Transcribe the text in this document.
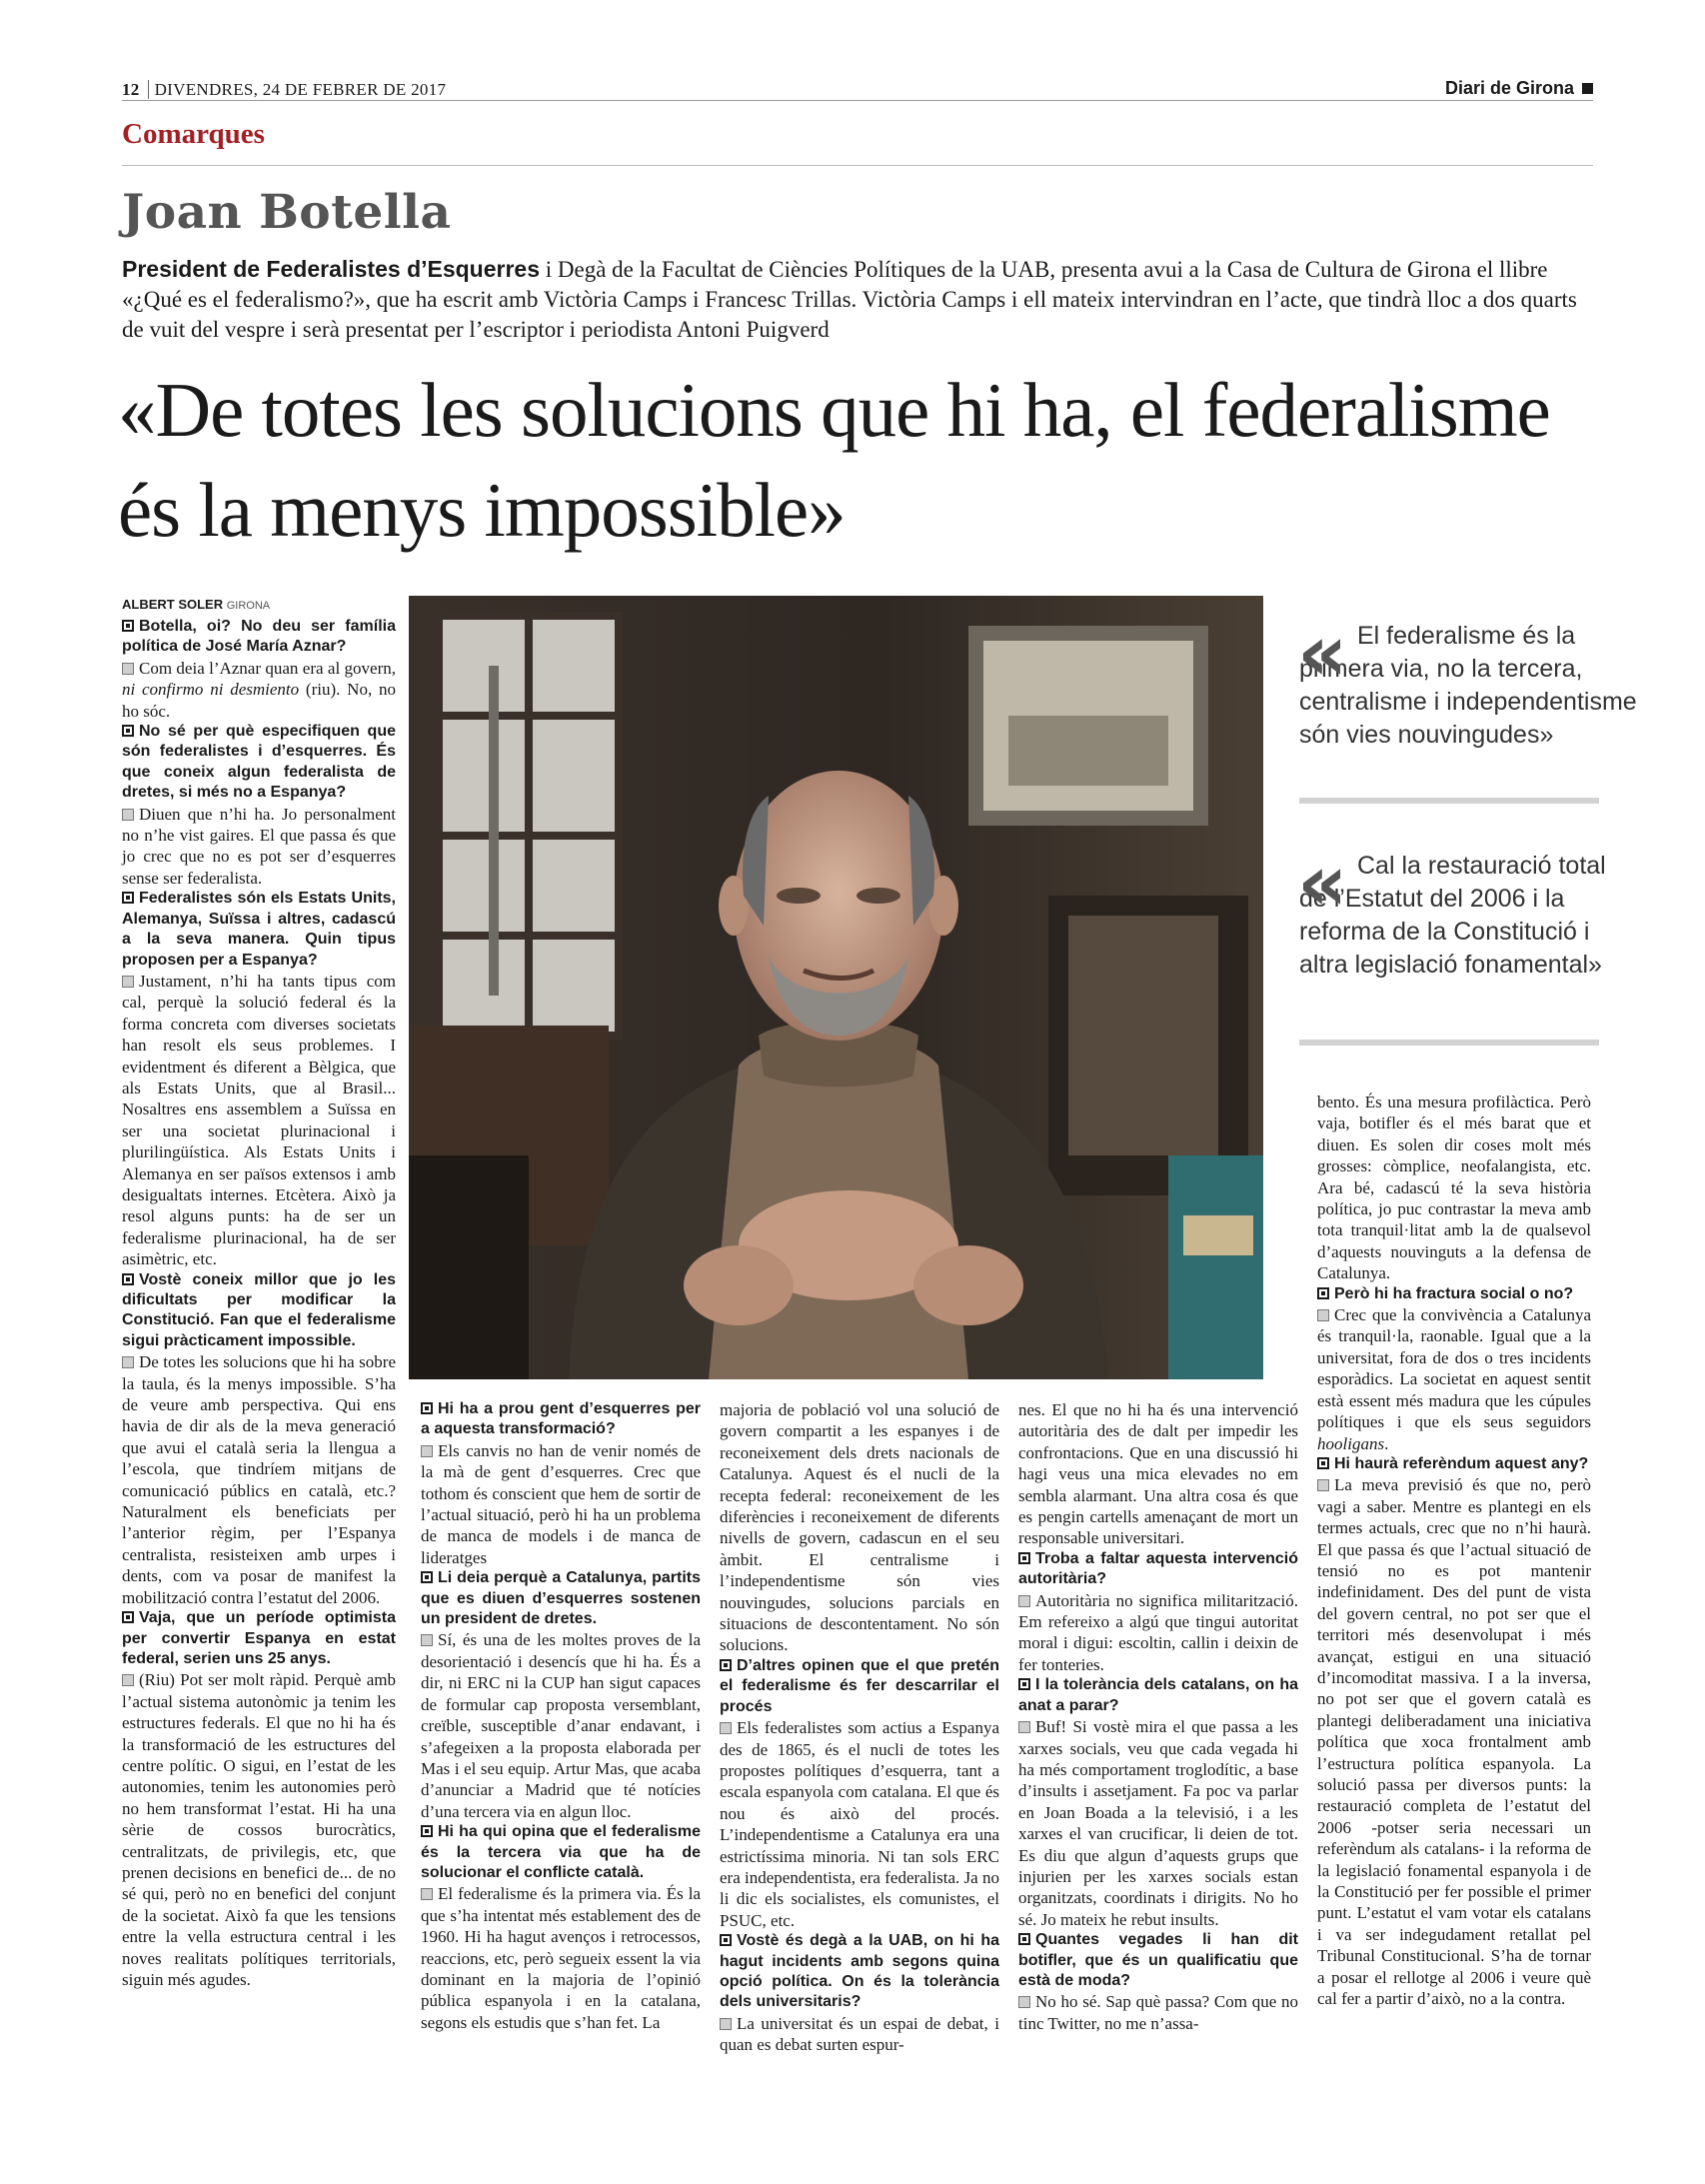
12 DIVENDRES, 24 DE FEBRER DE 2017	Diari de Girona
Comarques
Joan Botella
President de Federalistes d’Esquerres i Degà de la Facultat de Ciències Polítiques de la UAB, presenta avui a la Casa de Cultura de Girona el llibre «¿Qué es el federalismo?», que ha escrit amb Victòria Camps i Francesc Trillas. Victòria Camps i ell mateix intervindran en l’acte, que tindrà lloc a dos quarts de vuit del vespre i serà presentat per l’escriptor i periodista Antoni Puigverd
«De totes les solucions que hi ha, el federalisme és la menys impossible»
ALBERT SOLER GIRONA
« El federalisme és la primera via, no la tercera, centralisme i independentisme són vies nouvingudes»
« Cal la restauració total de l’Estatut del 2006 i la reforma de la Constitució i altra legislació fonamental»

Botella, oi? No deu ser família política de José María Aznar?

Com deia l’Aznar quan era al govern, ni confirmo ni desmiento (riu). No, no ho sóc.

No sé per què especifiquen que són federalistes i d’esquerres. És que coneix algun federalista de dretes, si més no a Espanya?

Diuen que n’hi ha. Jo personalment no n’he vist gaires. El que passa és que jo crec que no es pot ser d’esquerres sense ser federalista.

Federalistes són els Estats Units, Alemanya, Suïssa i altres, cadascú a la seva manera. Quin tipus proposen per a Espanya?

Justament, n’hi ha tants tipus com cal, perquè la solució federal és la forma concreta com diverses societats han resolt els seus problemes. I evidentment és diferent a Bèlgica, que als Estats Units, que al Brasil... Nosaltres ens assemblem a Suïssa en ser una societat plurinacional i plurilingüística. Als Estats Units i Alemanya en ser països extensos i amb desigualtats internes. Etcètera. Això ja resol alguns punts: ha de ser un federalisme plurinacional, ha de ser asimètric, etc.

Vostè coneix millor que jo les dificultats per modificar la Constitució. Fan que el federalisme sigui pràcticament impossible.

De totes les solucions que hi ha sobre la taula, és la menys impossible. S’ha de veure amb perspectiva. Qui ens havia de dir als de la meva generació que avui el català seria la llengua a l’escola, que tindríem mitjans de comunicació públics en català, etc.? Naturalment els beneficiats per l’anterior règim, per l’Espanya centralista, resisteixen amb urpes i dents, com va posar de manifest la mobilització contra l’estatut del 2006.

Vaja, que un període optimista per convertir Espanya en estat federal, serien uns 25 anys.

(Riu) Pot ser molt ràpid. Perquè amb l’actual sistema autonòmic ja tenim les estructures federals. El que no hi ha és la transformació de les estructures del centre polític. O sigui, en l’estat de les autonomies, tenim les autonomies però no hem transformat l’estat. Hi ha una sèrie de cossos burocràtics, centralitzats, de privilegis, etc, que prenen decisions en benefici de... de no sé qui, però no en benefici del conjunt de la societat. Això fa que les tensions entre la vella estructura central i les noves realitats polítiques territorials, siguin més agudes.

Hi ha a prou gent d’esquerres per a aquesta transformació?

Els canvis no han de venir només de la mà de gent d’esquerres. Crec que tothom és conscient que hem de sortir de l’actual situació, però hi ha un problema de manca de models i de manca de lideratges

Li deia perquè a Catalunya, partits que es diuen d’esquerres sostenen un president de dretes.

Sí, és una de les moltes proves de la desorientació i desencís que hi ha. És a dir, ni ERC ni la CUP han sigut capaces de formular cap proposta versemblant, creïble, susceptible d’anar endavant, i s’afegeixen a la proposta elaborada per Mas i el seu equip. Artur Mas, que acaba d’anunciar a Madrid que té notícies d’una tercera via en algun lloc.

Hi ha qui opina que el federalisme és la tercera via que ha de solucionar el conflicte català.

El federalisme és la primera via. És la que s’ha intentat més establement des de 1960. Hi ha hagut avenços i retrocessos, reaccions, etc, però segueix essent la via dominant en la majoria de l’opinió pública espanyola i en la catalana, segons els estudis que s’han fet. La

majoria de població vol una solució de govern compartit a les espanyes i de reconeixement dels drets nacionals de Catalunya. Aquest és el nucli de la recepta federal: reconeixement de les diferències i reconeixement de diferents nivells de govern, cadascun en el seu àmbit. El centralisme i l’independentisme són vies nouvingudes, solucions parcials en situacions de descontentament. No són solucions.

D’altres opinen que el que pretén el federalisme és fer descarrilar el procés

Els federalistes som actius a Espanya des de 1865, és el nucli de totes les propostes polítiques d’esquerra, tant a escala espanyola com catalana. El que és nou és això del procés. L’independentisme a Catalunya era una estrictíssima minoria. Ni tan sols ERC era independentista, era federalista. Ja no li dic els socialistes, els comunistes, el PSUC, etc.

Vostè és degà a la UAB, on hi ha hagut incidents amb segons quina opció política. On és la tolerància dels universitaris?

La universitat és un espai de debat, i quan es debat surten espur-

nes. El que no hi ha és una intervenció autoritària des de dalt per impedir les confrontacions. Que en una discussió hi hagi veus una mica elevades no em sembla alarmant. Una altra cosa és que es pengin cartells amenaçant de mort un responsable universitari.

Troba a faltar aquesta intervenció autoritària?

Autoritària no significa militarització. Em refereixo a algú que tingui autoritat moral i digui: escoltin, callin i deixin de fer tonteries.

I la tolerància dels catalans, on ha anat a parar?

Buf! Si vostè mira el que passa a les xarxes socials, veu que cada vegada hi ha més comportament troglodític, a base d’insults i assetjament. Fa poc va parlar en Joan Boada a la televisió, i a les xarxes el van crucificar, li deien de tot. Es diu que algun d’aquests grups que injurien per les xarxes socials estan organitzats, coordinats i dirigits. No ho sé. Jo mateix he rebut insults.

Quantes vegades li han dit botifler, que és un qualificatiu que està de moda?

No ho sé. Sap què passa? Com que no tinc Twitter, no me n’assa-

bento. És una mesura profilàctica. Però vaja, botifler és el més barat que et diuen. Es solen dir coses molt més grosses: còmplice, neofalangista, etc. Ara bé, cadascú té la seva història política, jo puc contrastar la meva amb tota tranquil·litat amb la de qualsevol d’aquests nouvinguts a la defensa de Catalunya.

Però hi ha fractura social o no?

Crec que la convivència a Catalunya és tranquil·la, raonable. Igual que a la universitat, fora de dos o tres incidents esporàdics. La societat en aquest sentit està essent més madura que les cúpules polítiques i que els seus seguidors hooligans.

Hi haurà referèndum aquest any?

La meva previsió és que no, però vagi a saber. Mentre es plantegi en els termes actuals, crec que no n’hi haurà. El que passa és que l’actual situació de tensió no es pot mantenir indefinidament. Des del punt de vista del govern central, no pot ser que el territori més desenvolupat i més avançat, estigui en una situació d’incomoditat massiva. I a la inversa, no pot ser que el govern català es plantegi deliberadament una iniciativa política que xoca frontalment amb l’estructura política espanyola. La solució passa per diversos punts: la restauració completa de l’estatut del 2006 -potser seria necessari un referèndum als catalans- i la reforma de la legislació fonamental espanyola i de la Constitució per fer possible el primer punt. L’estatut el vam votar els catalans i va ser indegudament retallat pel Tribunal Constitucional. S’ha de tornar a posar el rellotge al 2006 i veure què cal fer a partir d’això, no a la contra.
